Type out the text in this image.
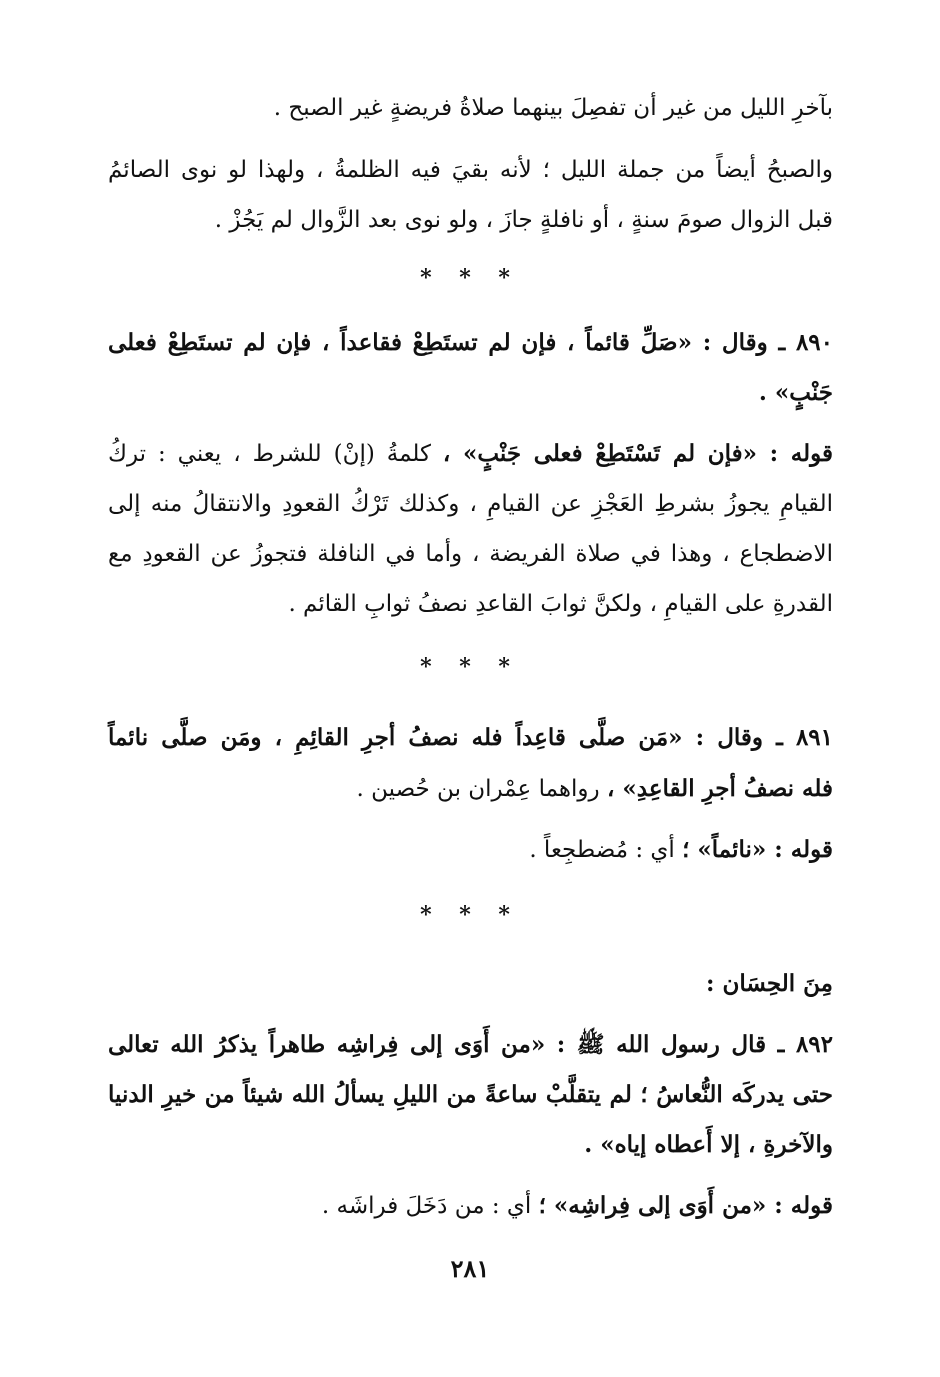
بآخرِ الليل من غير أن تفصِلَ بينهما صلاةُ فريضةٍ غير الصبح .
والصبحُ أيضاً من جملة الليل ؛ لأنه بقيَ فيه الظلمةُ ، ولهذا لو نوى الصائمُ
قبل الزوال صومَ سنةٍ ، أو نافلةٍ جازَ ، ولو نوى بعد الزَّوال لم يَجُزْ .
٨٩٠ ـ وقال : «صَلِّ قائماً ، فإن لم تستَطِعْ فقاعداً ، فإن لم تستَطِعْ فعلى
جَنْبٍ» .
قوله : «فإن لم تَسْتَطِعْ فعلى جَنْبٍ» ، كلمةُ (إنْ) للشرط ، يعني : تركُ
القيامِ يجوزُ بشرطِ العَجْزِ عن القيامِ ، وكذلك تَرْكُ القعودِ والانتقالُ منه إلى
الاضطجاع ، وهذا في صلاة الفريضة ، وأما في النافلة فتجوزُ عن القعودِ مع
القدرةِ على القيامِ ، ولكنَّ ثوابَ القاعدِ نصفُ ثوابِ القائم .
٨٩١ ـ وقال : «مَن صلَّى قاعِداً فله نصفُ أجرِ القائِمِ ، ومَن صلَّى نائماً
فله نصفُ أجرِ القاعِدِ» ، رواهما عِمْران بن حُصين .
قوله : «نائماً» ؛ أي : مُضطجِعاً .
مِنَ الحِسَان :
٨٩٢ ـ قال رسول الله ﷺ : «من أَوَى إلى فِراشِه طاهراً يذكرُ الله تعالى
حتى يدركَه النُّعاسُ ؛ لم يتقلَّبْ ساعةً من الليلِ يسألُ الله شيئاً من خيرِ الدنيا
والآخرةِ ، إلا أَعطاه إياه» .
قوله : «من أَوَى إلى فِراشِه» ؛ أي : من دَخَلَ فراشَه .
* * *
* * *
* * *
٢٨١
